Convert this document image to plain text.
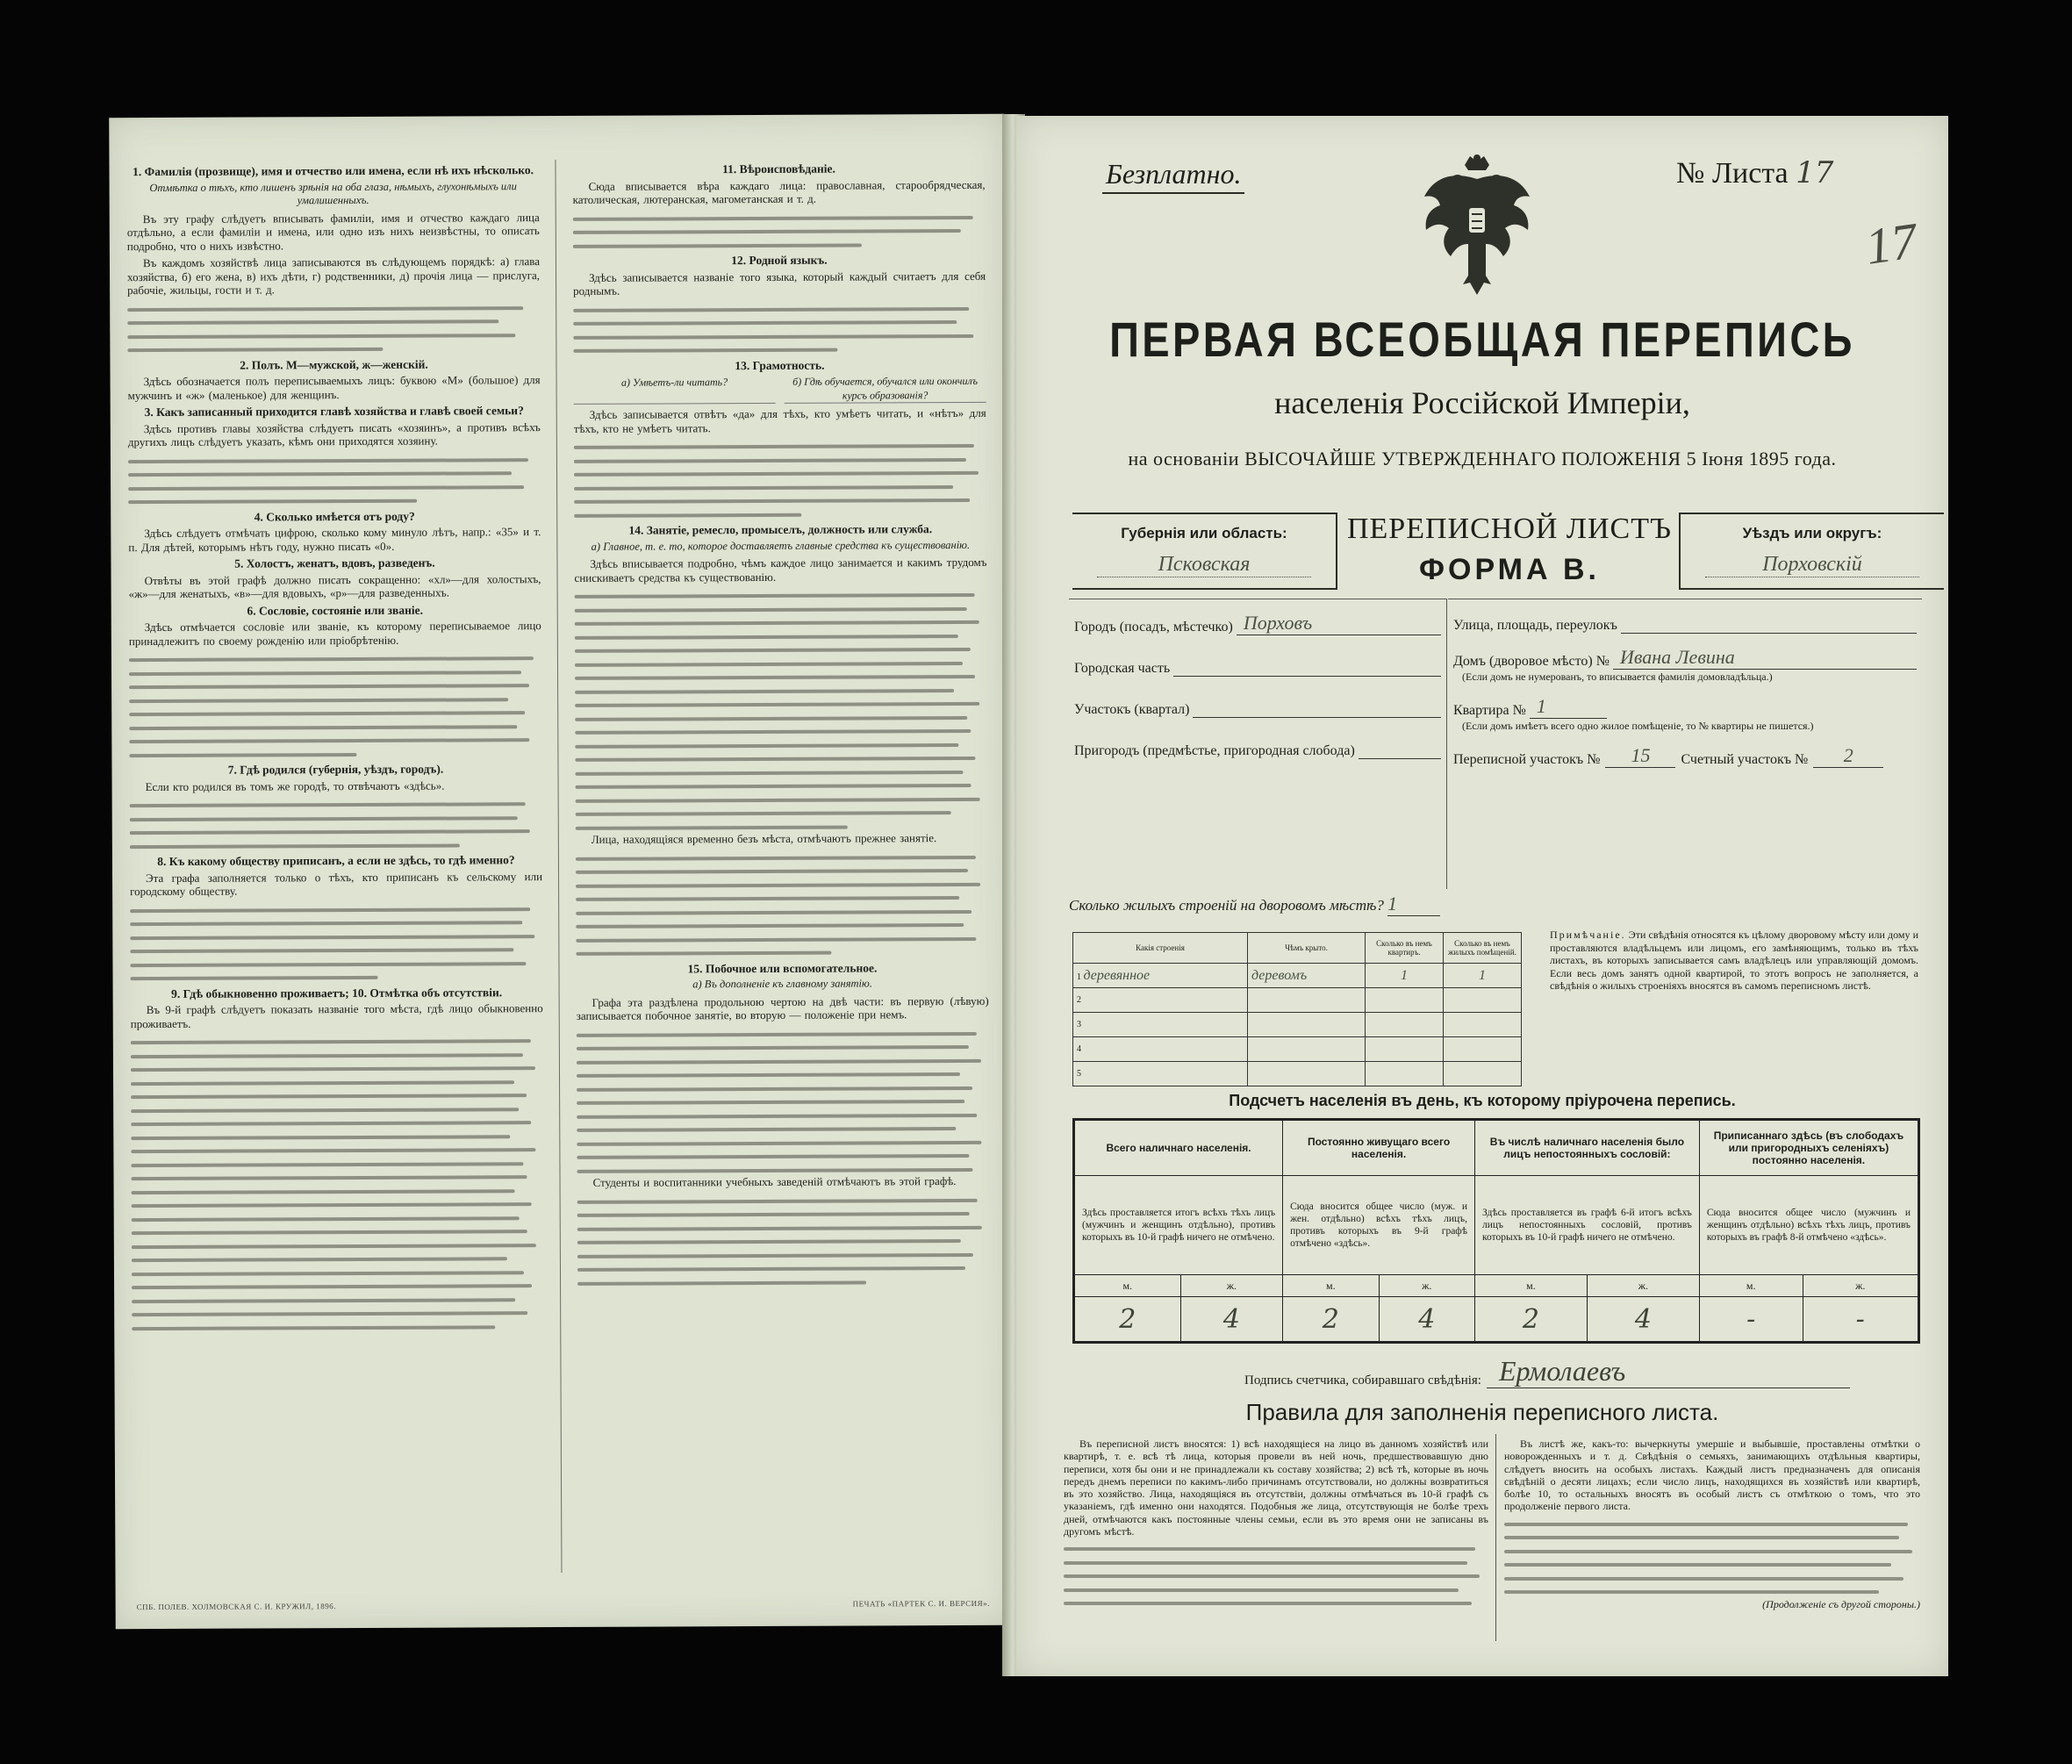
1. Фамилія (прозвище), имя и отчество или имена, если нѣ ихъ нѣсколько.
Отмѣтка о тѣхъ, кто лишенъ зрѣнія на оба глаза, нѣмыхъ, глухонѣмыхъ или умалишенныхъ.

Въ эту графу слѣдуетъ вписывать фамиліи, имя и отчество каждаго лица отдѣльно, а если фамиліи и имена, или одно изъ нихъ неизвѣстны, то описать подробно, что о нихъ извѣстно.

Въ каждомъ хозяйствѣ лица записываются въ слѣдующемъ порядкѣ: а) глава хозяйства, б) его жена, в) ихъ дѣти, г) родственники, д) прочія лица — прислуга, рабочіе, жильцы, гости и т. д.

2. Полъ. М—мужской, ж—женскій.

Здѣсь обозначается полъ переписываемыхъ лицъ: буквою «М» (большое) для мужчинъ и «ж» (маленькое) для женщинъ.

3. Какъ записанный приходится главѣ хозяйства и главѣ своей семьи?

Здѣсь противъ главы хозяйства слѣдуетъ писать «хозяинъ», а противъ всѣхъ другихъ лицъ слѣдуетъ указать, кѣмъ они приходятся хозяину.

4. Сколько имѣется отъ роду?

Здѣсь слѣдуетъ отмѣчать цифрою, сколько кому минуло лѣтъ, напр.: «35» и т. п. Для дѣтей, которымъ нѣтъ году, нужно писать «0».

5. Холостъ, женатъ, вдовъ, разведенъ.

Отвѣты въ этой графѣ должно писать сокращенно: «хл»—для холостыхъ, «ж»—для женатыхъ, «в»—для вдовыхъ, «р»—для разведенныхъ.

6. Сословіе, состояніе или званіе.

Здѣсь отмѣчается сословіе или званіе, къ которому переписываемое лицо принадлежитъ по своему рожденію или пріобрѣтенію.

7. Гдѣ родился (губернія, уѣздъ, городъ).

Если кто родился въ томъ же городѣ, то отвѣчаютъ «здѣсь».

8. Къ какому обществу приписанъ, а если не здѣсь, то гдѣ именно?

Эта графа заполняется только о тѣхъ, кто приписанъ къ сельскому или городскому обществу.

9. Гдѣ обыкновенно проживаетъ; 10. Отмѣтка объ отсутствіи.

Въ 9-й графѣ слѣдуетъ показать названіе того мѣста, гдѣ лицо обыкновенно проживаетъ.

11. Вѣроисповѣданіе.

Сюда вписывается вѣра каждаго лица: православная, старообрядческая, католическая, лютеранская, магометанская и т. д.

12. Родной языкъ.

Здѣсь записывается названіе того языка, который каждый считаетъ для себя роднымъ.

13. Грамотность.
а) Умѣетъ-ли читать?	б) Гдѣ обучается, обучался или окончилъ курсъ образованія?

Здѣсь записывается отвѣтъ «да» для тѣхъ, кто умѣетъ читать, и «нѣтъ» для тѣхъ, кто не умѣетъ читать.

14. Занятіе, ремесло, промыселъ, должность или служба.
а) Главное, т. е. то, которое доставляетъ главные средства къ существованію.

Здѣсь вписывается подробно, чѣмъ каждое лицо занимается и какимъ трудомъ снискиваетъ средства къ существованію.

Лица, находящіяся временно безъ мѣста, отмѣчаютъ прежнее занятіе.

15. Побочное или вспомогательное.
а) Въ дополненіе къ главному занятію.

Графа эта раздѣлена продольною чертою на двѣ части: въ первую (лѣвую) записывается побочное занятіе, во вторую — положеніе при немъ.

Студенты и воспитанники учебныхъ заведеній отмѣчаютъ въ этой графѣ.

СПБ. ПОЛЕВ. ХОЛМОВСКАЯ С. И. КРУЖИЛ, 1896.	ПЕЧАТЬ «ПАРТЕК С. И. ВЕРСИЯ».
Безплатно.	№ Листа 17
17
ПЕРВАЯ ВСЕОБЩАЯ ПЕРЕПИСЬ
населенія Россійской Имперіи,
на основаніи ВЫСОЧАЙШЕ УТВЕРЖДЕННАГО ПОЛОЖЕНІЯ 5 Іюня 1895 года.
Губернія или область:
Псковская
ПЕРЕПИСНОЙ ЛИСТЪ
ФОРМА В.
Уѣздъ или округъ:
Порховскій
Городъ (посадъ, мѣстечко) Порховъ
Городская часть
Участокъ (квартал)
Пригородъ (предмѣстье, пригородная слобода)
Улица, площадь, переулокъ
Домъ (дворовое мѣсто) № Ивана Левина
(Если домъ не нумерованъ, то вписывается фамилія домовладѣльца.)
Квартира № 1
(Если домъ имѣетъ всего одно жилое помѣщеніе, то № квартиры не пишется.)
Переписной участокъ №	15	Счетный участокъ №	2
Сколько жилыхъ строеній на дворовомъ мѣстѣ? 1
Какія строенія	Чѣмъ крыто.	Сколько въ немъ квартиръ.	Сколько въ немъ жилыхъ помѣщеній.
1 деревянное	деревомъ	1	1
2			
3			
4			
5			
Примѣчаніе. Эти свѣдѣнія относятся къ цѣлому дворовому мѣсту или дому и проставляются владѣльцемъ или лицомъ, его замѣняющимъ, только въ тѣхъ листахъ, въ которыхъ записывается самъ владѣлецъ или управляющій домомъ. Если весь домъ занятъ одной квартирой, то этотъ вопросъ не заполняется, а свѣдѣнія о жилыхъ строеніяхъ вносятся въ самомъ переписномъ листѣ.
Подсчетъ населенія въ день, къ которому пріурочена перепись.
Всего наличнаго населенія.		Постоянно живущаго всего населенія.		Въ числѣ наличнаго населенія было лицъ непостоянныхъ сословій:		Приписаннаго здѣсь (въ слободахъ или пригородныхъ селеніяхъ) постоянно населенія.	
Здѣсь проставляется итогъ всѣхъ тѣхъ лицъ (мужчинъ и женщинъ отдѣльно), противъ которыхъ въ 10-й графѣ ничего не отмѣчено.		Сюда вносится общее число (муж. и жен. отдѣльно) всѣхъ тѣхъ лицъ, противъ которыхъ въ 9-й графѣ отмѣчено «здѣсь».		Здѣсь проставляется въ графѣ 6-й итогъ всѣхъ лицъ непостоянныхъ сословій, противъ которыхъ въ 10-й графѣ ничего не отмѣчено.		Сюда вносится общее число (мужчинъ и женщинъ отдѣльно) всѣхъ тѣхъ лицъ, противъ которыхъ въ графѣ 8-й отмѣчено «здѣсь».	
м.	ж.	м.	ж.	м.	ж.	м.	ж.
2	4	2	4	2	4	-	-
Подпись счетчика, собиравшаго свѣдѣнія: Ермолаевъ
Правила для заполненія переписного листа.

Въ переписной листъ вносятся: 1) всѣ находящіеся на лицо въ данномъ хозяйствѣ или квартирѣ, т. е. всѣ тѣ лица, которыя провели въ ней ночь, предшествовавшую дню переписи, хотя бы они и не принадлежали къ составу хозяйства; 2) всѣ тѣ, которые въ ночь передъ днемъ переписи по какимъ-либо причинамъ отсутствовали, но должны возвратиться въ это хозяйство. Лица, находящіяся въ отсутствіи, должны отмѣчаться въ 10-й графѣ съ указаніемъ, гдѣ именно они находятся. Подобныя же лица, отсутствующія не болѣе трехъ дней, отмѣчаются какъ постоянные члены семьи, если въ это время они не записаны въ другомъ мѣстѣ.

Въ листѣ же, какъ-то: вычеркнуты умершіе и выбывшіе, проставлены отмѣтки о новорожденныхъ и т. д. Свѣдѣнія о семьяхъ, занимающихъ отдѣльныя квартиры, слѣдуетъ вносить на особыхъ листахъ. Каждый листъ предназначенъ для описанія свѣдѣній о десяти лицахъ; если число лицъ, находящихся въ хозяйствѣ или квартирѣ, болѣе 10, то остальныхъ вносятъ въ особый листъ съ отмѣткою о томъ, что это продолженіе первого листа.

(Продолженіе съ другой стороны.)
